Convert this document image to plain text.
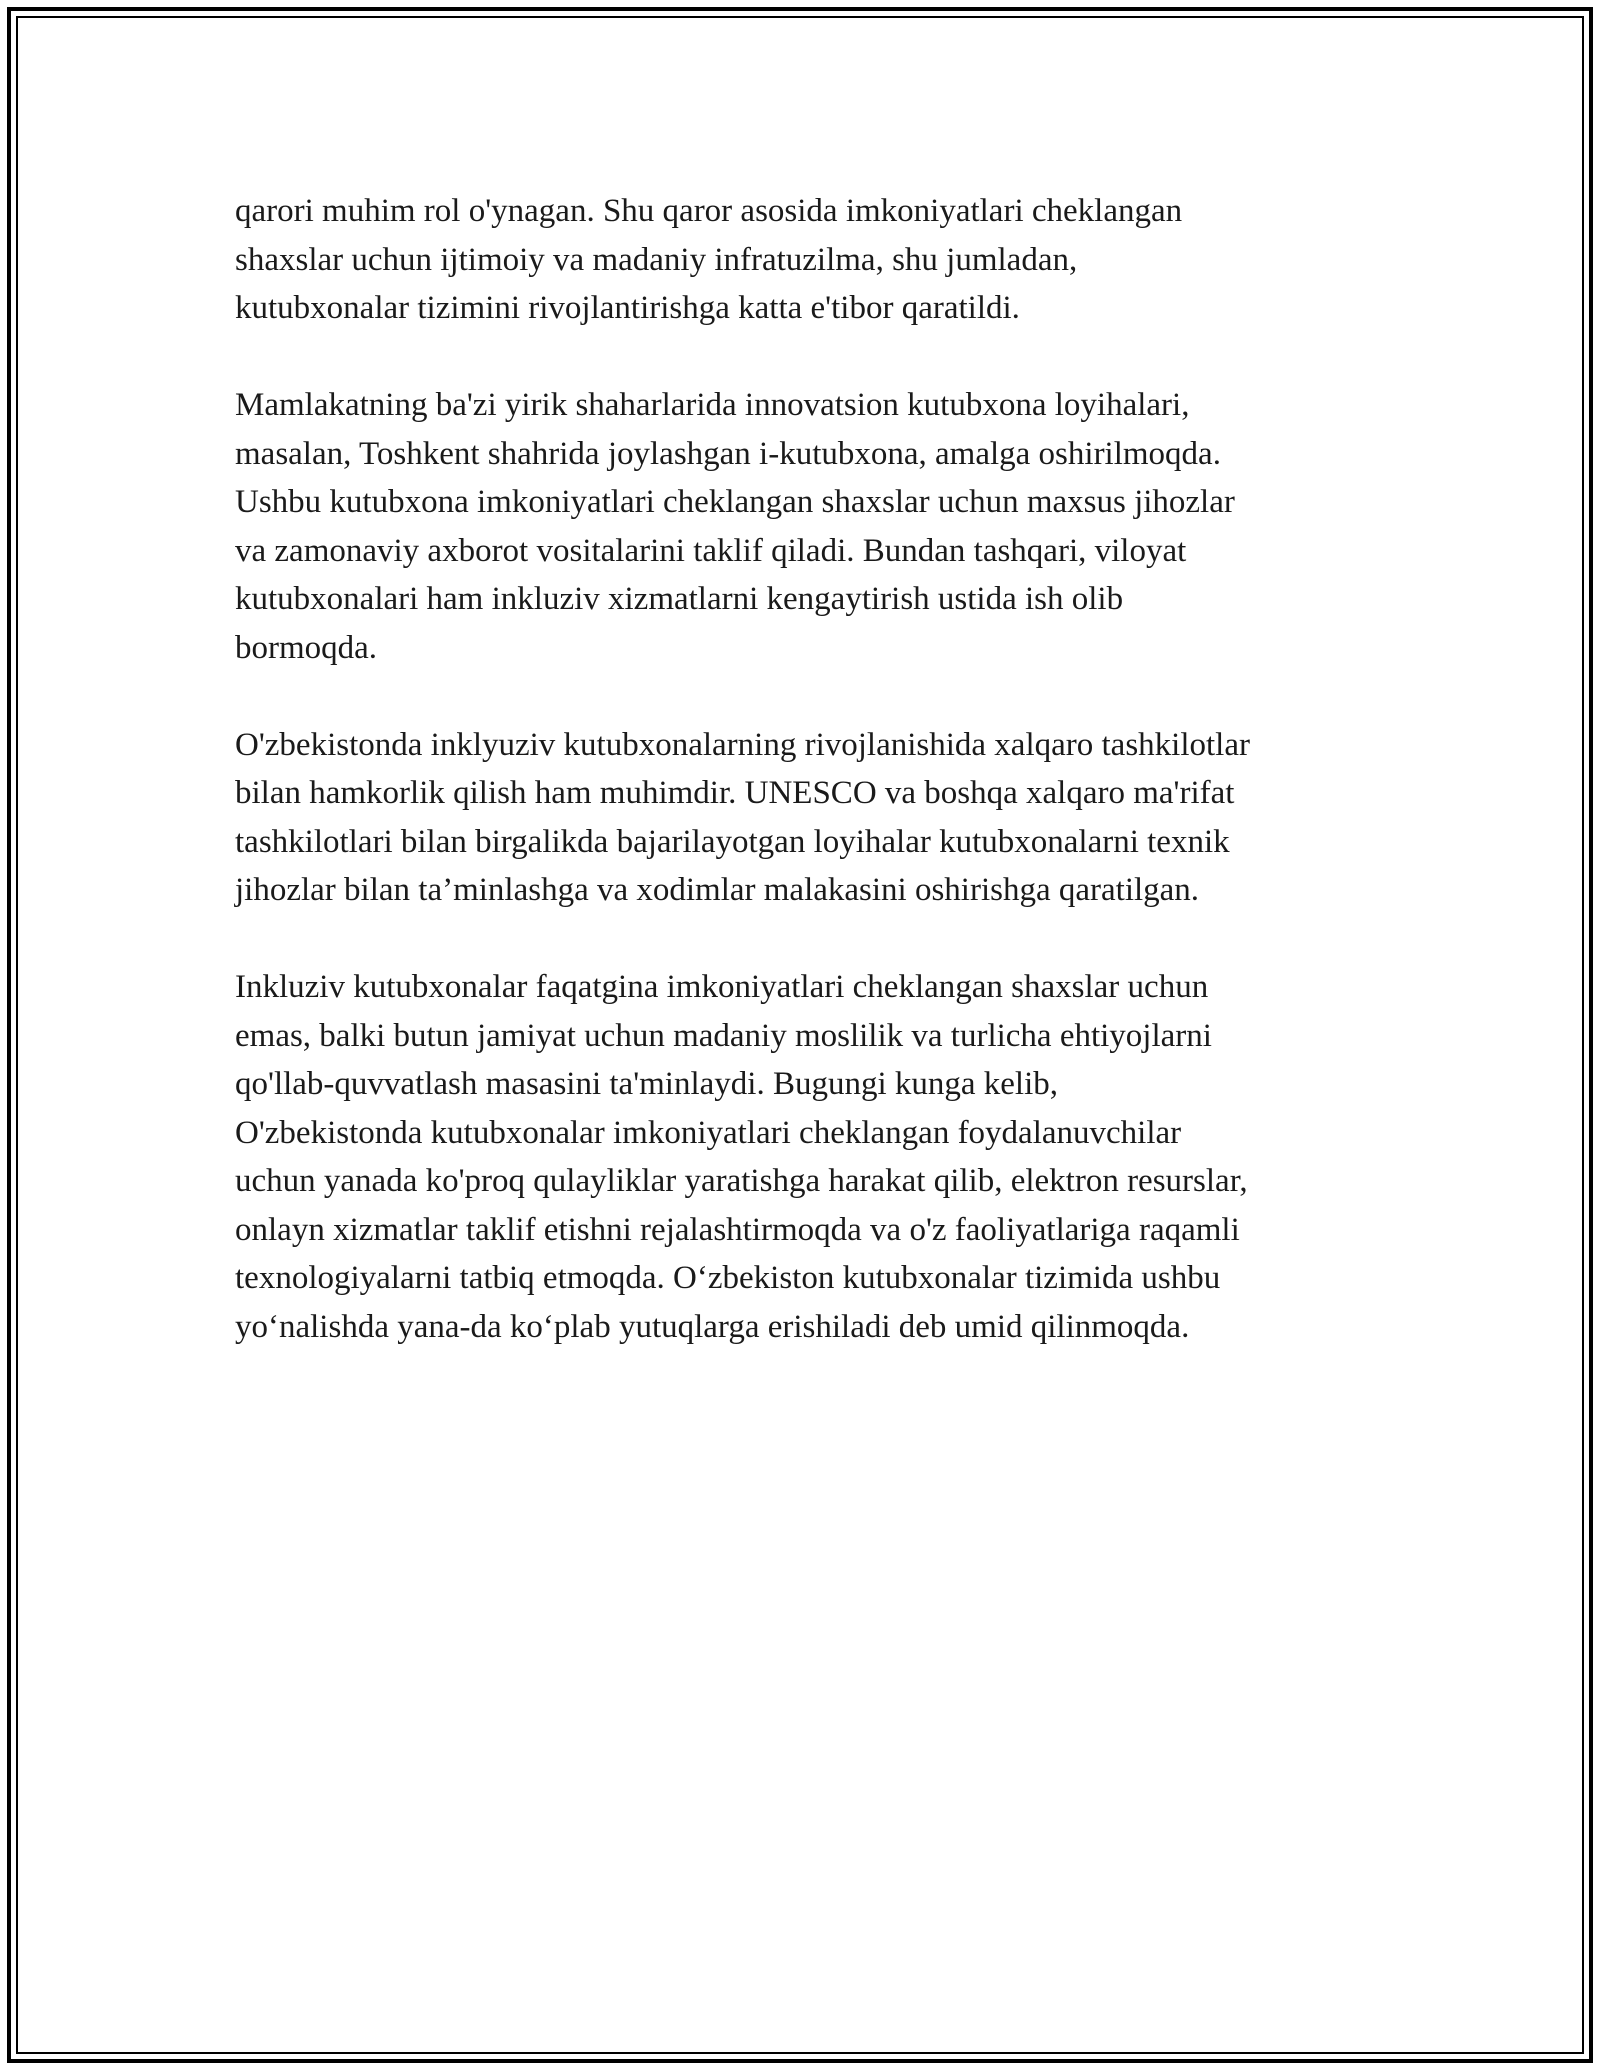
qarori muhim rol o'ynagan. Shu qaror asosida imkoniyatlari cheklangan
shaxslar uchun ijtimoiy va madaniy infratuzilma, shu jumladan,
kutubxonalar tizimini rivojlantirishga katta e'tibor qaratildi.

Mamlakatning ba'zi yirik shaharlarida innovatsion kutubxona loyihalari,
masalan, Toshkent shahrida joylashgan i-kutubxona, amalga oshirilmoqda.
Ushbu kutubxona imkoniyatlari cheklangan shaxslar uchun maxsus jihozlar
va zamonaviy axborot vositalarini taklif qiladi. Bundan tashqari, viloyat
kutubxonalari ham inkluziv xizmatlarni kengaytirish ustida ish olib
bormoqda.

O'zbekistonda inklyuziv kutubxonalarning rivojlanishida xalqaro tashkilotlar
bilan hamkorlik qilish ham muhimdir. UNESCO va boshqa xalqaro ma'rifat
tashkilotlari bilan birgalikda bajarilayotgan loyihalar kutubxonalarni texnik
jihozlar bilan ta’minlashga va xodimlar malakasini oshirishga qaratilgan.

Inkluziv kutubxonalar faqatgina imkoniyatlari cheklangan shaxslar uchun
emas, balki butun jamiyat uchun madaniy moslilik va turlicha ehtiyojlarni
qo'llab-quvvatlash masasini ta'minlaydi. Bugungi kunga kelib,
O'zbekistonda kutubxonalar imkoniyatlari cheklangan foydalanuvchilar
uchun yanada ko'proq qulayliklar yaratishga harakat qilib, elektron resurslar,
onlayn xizmatlar taklif etishni rejalashtirmoqda va o'z faoliyatlariga raqamli
texnologiyalarni tatbiq etmoqda. O‘zbekiston kutubxonalar tizimida ushbu
yo‘nalishda yana-da ko‘plab yutuqlarga erishiladi deb umid qilinmoqda.
